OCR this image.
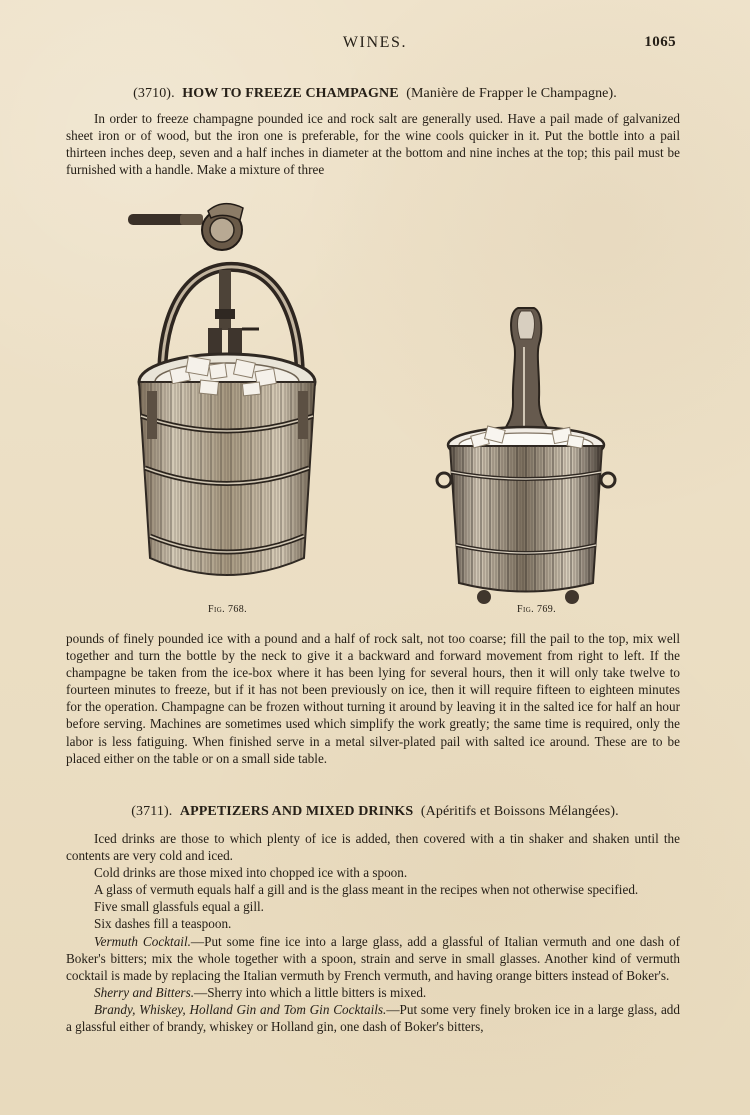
WINES.	1065
(3710). HOW TO FREEZE CHAMPAGNE (Manière de Frapper le Champagne).

In order to freeze champagne pounded ice and rock salt are generally used. Have a pail made of galvanized sheet iron or of wood, but the iron one is preferable, for the wine cools quicker in it. Put the bottle into a pail thirteen inches deep, seven and a half inches in diameter at the bottom and nine inches at the top; this pail must be furnished with a handle. Make a mixture of three

Fig. 768.	Fig. 769.

pounds of finely pounded ice with a pound and a half of rock salt, not too coarse; fill the pail to the top, mix well together and turn the bottle by the neck to give it a backward and forward movement from right to left. If the champagne be taken from the ice-box where it has been lying for several hours, then it will only take twelve to fourteen minutes to freeze, but if it has not been previously on ice, then it will require fifteen to eighteen minutes for the operation. Champagne can be frozen without turning it around by leaving it in the salted ice for half an hour before serving. Machines are sometimes used which simplify the work greatly; the same time is required, only the labor is less fatiguing. When finished serve in a metal silver-plated pail with salted ice around. These are to be placed either on the table or on a small side table.

(3711). APPETIZERS AND MIXED DRINKS (Apéritifs et Boissons Mélangées).

Iced drinks are those to which plenty of ice is added, then covered with a tin shaker and shaken until the contents are very cold and iced.

Cold drinks are those mixed into chopped ice with a spoon.

A glass of vermuth equals half a gill and is the glass meant in the recipes when not otherwise specified.

Five small glassfuls equal a gill.

Six dashes fill a teaspoon.

Vermuth Cocktail.—Put some fine ice into a large glass, add a glassful of Italian vermuth and one dash of Boker's bitters; mix the whole together with a spoon, strain and serve in small glasses. Another kind of vermuth cocktail is made by replacing the Italian vermuth by French vermuth, and having orange bitters instead of Boker's.

Sherry and Bitters.—Sherry into which a little bitters is mixed.

Brandy, Whiskey, Holland Gin and Tom Gin Cocktails.—Put some very finely broken ice in a large glass, add a glassful either of brandy, whiskey or Holland gin, one dash of Boker's bitters,
